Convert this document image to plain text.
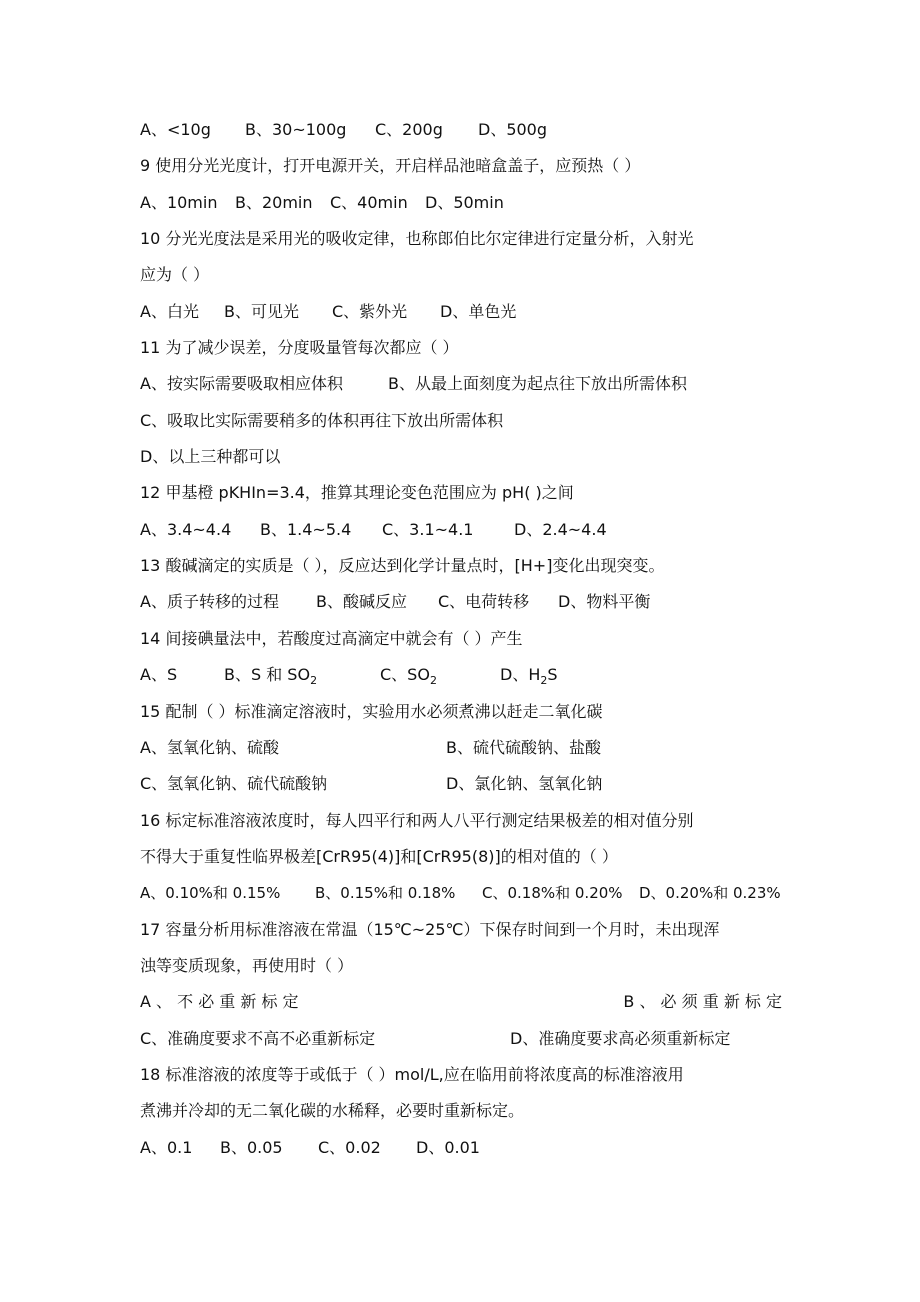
A、<10g	B、30~100g	C、200g	D、500g
9 使用分光光度计，打开电源开关，开启样品池暗盒盖子，应预热（ ）
A、10min	B、20min	C、40min	D、50min
10 分光光度法是采用光的吸收定律，也称郎伯比尔定律进行定量分析，入射光
应为（ ）
A、白光	B、可见光	C、紫外光	D、单色光
11 为了减少误差，分度吸量管每次都应（ ）
A、按实际需要吸取相应体积	B、从最上面刻度为起点往下放出所需体积
C、吸取比实际需要稍多的体积再往下放出所需体积
D、以上三种都可以
12 甲基橙 pKHIn=3.4，推算其理论变色范围应为 pH( )之间
A、3.4~4.4	B、1.4~5.4	C、3.1~4.1	D、2.4~4.4
13 酸碱滴定的实质是（ ），反应达到化学计量点时，[H+]变化出现突变。
A、质子转移的过程	B、酸碱反应	C、电荷转移	D、物料平衡
14 间接碘量法中，若酸度过高滴定中就会有（ ）产生
A、S	B、S 和 $SO_2$	C、$SO_2$	D、$H_2S$
15 配制（ ）标准滴定溶液时，实验用水必须煮沸以赶走二氧化碳
A、氢氧化钠、硫酸	B、硫代硫酸钠、盐酸
C、氢氧化钠、硫代硫酸钠	D、氯化钠、氢氧化钠
16 标定标准溶液浓度时，每人四平行和两人八平行测定结果极差的相对值分别
不得大于重复性临界极差[CrR95(4)]和[CrR95(8)]的相对值的（ ）
A、0.10%和 0.15%	B、0.15%和 0.18%	C、0.18%和 0.20%	D、0.20%和 0.23%
17 容量分析用标准溶液在常温（15℃~25℃）下保存时间到一个月时，未出现浑
浊等变质现象，再使用时（ ）
A 、 不 必 重 新 标 定	B 、 必 须 重 新 标 定
C、准确度要求不高不必重新标定	D、准确度要求高必须重新标定
18 标准溶液的浓度等于或低于（ ）mol/L,应在临用前将浓度高的标准溶液用
煮沸并冷却的无二氧化碳的水稀释，必要时重新标定。
A、0.1	B、0.05	C、0.02	D、0.01
